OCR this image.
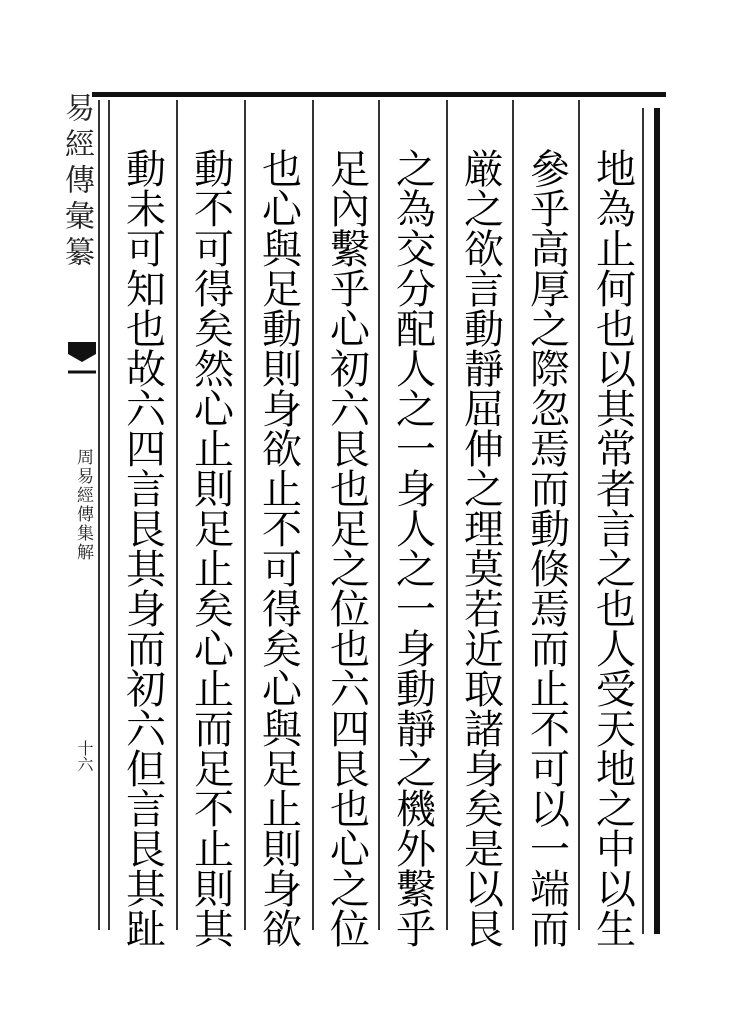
易經傳彙纂
周易經傳集解
十六
地
為
止
何
也
以
其
常
者
言
之
也
人
受
天
地
之
中
以
生
參
乎
高
厚
之
際
忽
焉
而
動
倏
焉
而
止
不
可
以
一
端
而
厳
之
欲
言
動
靜
屈
伸
之
理
莫
若
近
取
諸
身
矣
是
以
艮
之
為
交
分
配
人
之
一
身
人
之
一
身
動
靜
之
機
外
繫
乎
足
內
繫
乎
心
初
六
艮
也
足
之
位
也
六
四
艮
也
心
之
位
也
心
與
足
動
則
身
欲
止
不
可
得
矣
心
與
足
止
則
身
欲
動
不
可
得
矣
然
心
止
則
足
止
矣
心
止
而
足
不
止
則
其
動
未
可
知
也
故
六
四
言
艮
其
身
而
初
六
但
言
艮
其
趾
